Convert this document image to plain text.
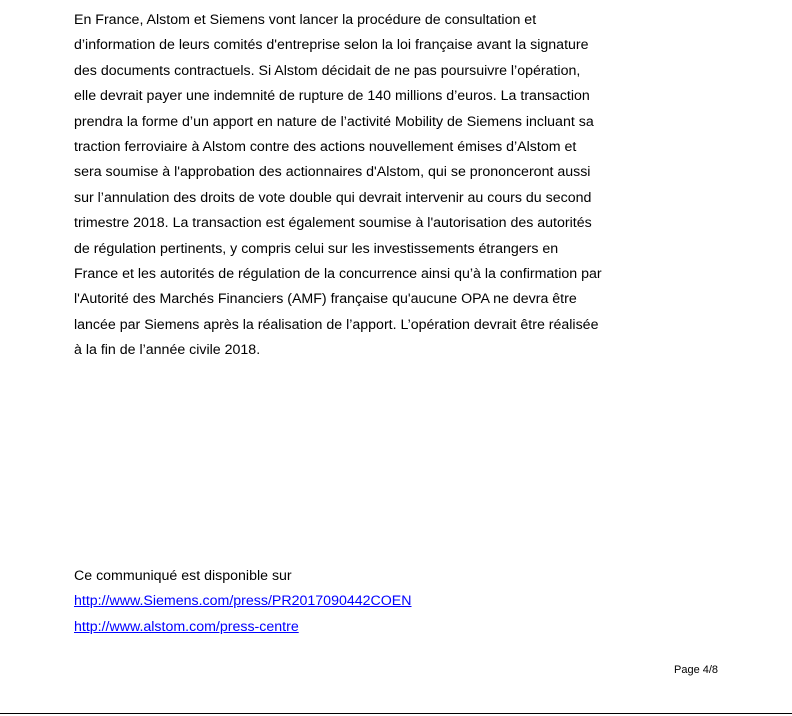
En France, Alstom et Siemens vont lancer la procédure de consultation et
d’information de leurs comités d'entreprise selon la loi française avant la signature
des documents contractuels. Si Alstom décidait de ne pas poursuivre l’opération,
elle devrait payer une indemnité de rupture de 140 millions d’euros. La transaction
prendra la forme d’un apport en nature de l’activité Mobility de Siemens incluant sa
traction ferroviaire à Alstom contre des actions nouvellement émises d’Alstom et
sera soumise à l'approbation des actionnaires d'Alstom, qui se prononceront aussi
sur l’annulation des droits de vote double qui devrait intervenir au cours du second
trimestre 2018. La transaction est également soumise à l'autorisation des autorités
de régulation pertinents, y compris celui sur les investissements étrangers en
France et les autorités de régulation de la concurrence ainsi qu’à la confirmation par
l'Autorité des Marchés Financiers (AMF) française qu'aucune OPA ne devra être
lancée par Siemens après la réalisation de l’apport. L’opération devrait être réalisée
à la fin de l’année civile 2018.

Ce communiqué est disponible sur
http://www.Siemens.com/press/PR2017090442COEN
http://www.alstom.com/press-centre

Page 4/8
